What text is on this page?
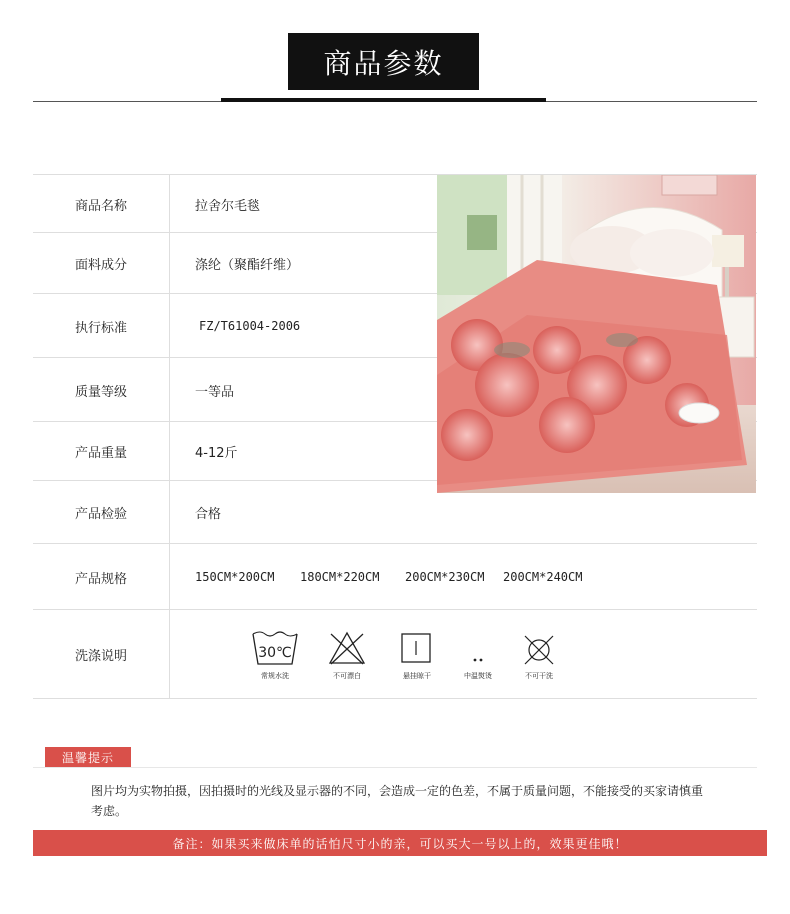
商品参数
商品名称	拉舍尔毛毯
面料成分	涤纶（聚酯纤维）
执行标准	FZ/T61004-2006
质量等级	一等品
产品重量	4-12斤
产品检验	合格
产品规格	150CM*200CM 180CM*220CM 200CM*230CM 200CM*240CM
洗涤说明	30℃
常规水洗	不可漂白	悬挂晾干	中温熨烫	不可干洗
温馨提示
图片均为实物拍摄，因拍摄时的光线及显示器的不同，会造成一定的色差，不属于质量问题，不能接受的买家请慎重考虑。
备注：如果买来做床单的话怕尺寸小的亲，可以买大一号以上的，效果更佳哦！
